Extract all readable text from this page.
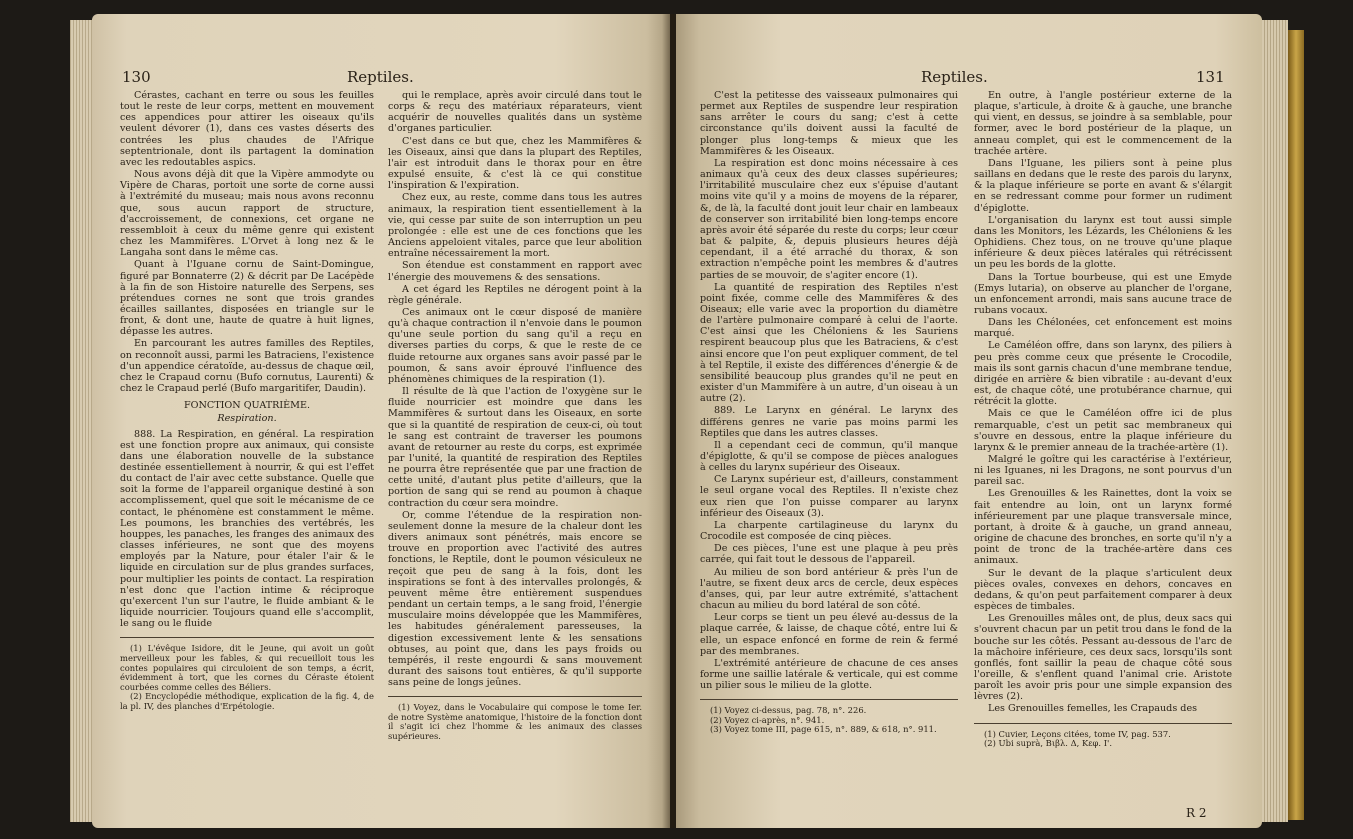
130	Reptiles.

Cérastes, cachant en terre ou sous les feuilles tout le reste de leur corps, mettent en mouvement ces appendices pour attirer les oiseaux qu'ils veulent dévorer (1), dans ces vastes déserts des contrées les plus chaudes de l'Afrique septentrionale, dont ils partagent la domination avec les redoutables aspics.

Nous avons déjà dit que la Vipère ammodyte ou Vipère de Charas, portoit une sorte de corne aussi à l'extrémité du museau; mais nous avons reconnu que, sous aucun rapport de structure, d'accroissement, de connexions, cet organe ne ressembloit à ceux du même genre qui existent chez les Mammifères. L'Orvet à long nez & le Langaha sont dans le même cas.

Quant à l'Iguane cornu de Saint-Domingue, figuré par Bonnaterre (2) & décrit par De Lacépède à la fin de son Histoire naturelle des Serpens, ses prétendues cornes ne sont que trois grandes écailles saillantes, disposées en triangle sur le front, & dont une, haute de quatre à huit lignes, dépasse les autres.

En parcourant les autres familles des Reptiles, on reconnoît aussi, parmi les Batraciens, l'existence d'un appendice cératoïde, au-dessus de chaque œil, chez le Crapaud cornu (Bufo cornutus, Laurenti) & chez le Crapaud perlé (Bufo margaritifer, Daudin).

FONCTION QUATRIÈME.

Respiration.

888. La Respiration, en général. La respiration est une fonction propre aux animaux, qui consiste dans une élaboration nouvelle de la substance destinée essentiellement à nourrir, & qui est l'effet du contact de l'air avec cette substance. Quelle que soit la forme de l'appareil organique destiné à son accomplissement, quel que soit le mécanisme de ce contact, le phénomène est constamment le même. Les poumons, les branchies des vertébrés, les houppes, les panaches, les franges des animaux des classes inférieures, ne sont que des moyens employés par la Nature, pour étaler l'air & le liquide en circulation sur de plus grandes surfaces, pour multiplier les points de contact. La respiration n'est donc que l'action intime & réciproque qu'exercent l'un sur l'autre, le fluide ambiant & le liquide nourricier. Toujours quand elle s'accomplit, le sang ou le fluide

(1) L'évêque Isidore, dit le Jeune, qui avoit un goût merveilleux pour les fables, & qui recueilloit tous les contes populaires qui circuloient de son temps, a écrit, évidemment à tort, que les cornes du Céraste étoient courbées comme celles des Béliers.

(2) Encyclopédie méthodique, explication de la fig. 4, de la pl. IV, des planches d'Erpétologie.

qui le remplace, après avoir circulé dans tout le corps & reçu des matériaux réparateurs, vient acquérir de nouvelles qualités dans un système d'organes particulier.

C'est dans ce but que, chez les Mammifères & les Oiseaux, ainsi que dans la plupart des Reptiles, l'air est introduit dans le thorax pour en être expulsé ensuite, & c'est là ce qui constitue l'inspiration & l'expiration.

Chez eux, au reste, comme dans tous les autres animaux, la respiration tient essentiellement à la vie, qui cesse par suite de son interruption un peu prolongée : elle est une de ces fonctions que les Anciens appeloient vitales, parce que leur abolition entraîne nécessairement la mort.

Son étendue est constamment en rapport avec l'énergie des mouvemens & des sensations.

A cet égard les Reptiles ne dérogent point à la règle générale.

Ces animaux ont le cœur disposé de manière qu'à chaque contraction il n'envoie dans le poumon qu'une seule portion du sang qu'il a reçu en diverses parties du corps, & que le reste de ce fluide retourne aux organes sans avoir passé par le poumon, & sans avoir éprouvé l'influence des phénomènes chimiques de la respiration (1).

Il résulte de là que l'action de l'oxygène sur le fluide nourricier est moindre que dans les Mammifères & surtout dans les Oiseaux, en sorte que si la quantité de respiration de ceux-ci, où tout le sang est contraint de traverser les poumons avant de retourner au reste du corps, est exprimée par l'unité, la quantité de respiration des Reptiles ne pourra être représentée que par une fraction de cette unité, d'autant plus petite d'ailleurs, que la portion de sang qui se rend au poumon à chaque contraction du cœur sera moindre.

Or, comme l'étendue de la respiration non-seulement donne la mesure de la chaleur dont les divers animaux sont pénétrés, mais encore se trouve en proportion avec l'activité des autres fonctions, le Reptile, dont le poumon vésiculeux ne reçoit que peu de sang à la fois, dont les inspirations se font à des intervalles prolongés, & peuvent même être entièrement suspendues pendant un certain temps, a le sang froid, l'énergie musculaire moins développée que les Mammifères, les habitudes généralement paresseuses, la digestion excessivement lente & les sensations obtuses, au point que, dans les pays froids ou tempérés, il reste engourdi & sans mouvement durant des saisons tout entières, & qu'il supporte sans peine de longs jeûnes.

(1) Voyez, dans le Vocabulaire qui compose le tome Ier. de notre Système anatomique, l'histoire de la fonction dont il s'agit ici chez l'homme & les animaux des classes supérieures.

Reptiles.	131

C'est la petitesse des vaisseaux pulmonaires qui permet aux Reptiles de suspendre leur respiration sans arrêter le cours du sang; c'est à cette circonstance qu'ils doivent aussi la faculté de plonger plus long-temps & mieux que les Mammifères & les Oiseaux.

La respiration est donc moins nécessaire à ces animaux qu'à ceux des deux classes supérieures; l'irritabilité musculaire chez eux s'épuise d'autant moins vite qu'il y a moins de moyens de la réparer, &, de là, la faculté dont jouit leur chair en lambeaux de conserver son irritabilité bien long-temps encore après avoir été séparée du reste du corps; leur cœur bat & palpite, &, depuis plusieurs heures déjà cependant, il a été arraché du thorax, & son extraction n'empêche point les membres & d'autres parties de se mouvoir, de s'agiter encore (1).

La quantité de respiration des Reptiles n'est point fixée, comme celle des Mammifères & des Oiseaux; elle varie avec la proportion du diamètre de l'artère pulmonaire comparé à celui de l'aorte. C'est ainsi que les Chéloniens & les Sauriens respirent beaucoup plus que les Batraciens, & c'est ainsi encore que l'on peut expliquer comment, de tel à tel Reptile, il existe des différences d'énergie & de sensibilité beaucoup plus grandes qu'il ne peut en exister d'un Mammifère à un autre, d'un oiseau à un autre (2).

889. Le Larynx en général. Le larynx des différens genres ne varie pas moins parmi les Reptiles que dans les autres classes.

Il a cependant ceci de commun, qu'il manque d'épiglotte, & qu'il se compose de pièces analogues à celles du larynx supérieur des Oiseaux.

Ce Larynx supérieur est, d'ailleurs, constamment le seul organe vocal des Reptiles. Il n'existe chez eux rien que l'on puisse comparer au larynx inférieur des Oiseaux (3).

La charpente cartilagineuse du larynx du Crocodile est composée de cinq pièces.

De ces pièces, l'une est une plaque à peu près carrée, qui fait tout le dessous de l'appareil.

Au milieu de son bord antérieur & près l'un de l'autre, se fixent deux arcs de cercle, deux espèces d'anses, qui, par leur autre extrémité, s'attachent chacun au milieu du bord latéral de son côté.

Leur corps se tient un peu élevé au-dessus de la plaque carrée, & laisse, de chaque côté, entre lui & elle, un espace enfoncé en forme de rein & fermé par des membranes.

L'extrémité antérieure de chacune de ces anses forme une saillie latérale & verticale, qui est comme un pilier sous le milieu de la glotte.

(1) Voyez ci-dessus, pag. 78, n°. 226.

(2) Voyez ci-après, n°. 941.

(3) Voyez tome III, page 615, n°. 889, & 618, n°. 911.

En outre, à l'angle postérieur externe de la plaque, s'articule, à droite & à gauche, une branche qui vient, en dessus, se joindre à sa semblable, pour former, avec le bord postérieur de la plaque, un anneau complet, qui est le commencement de la trachée artère.

Dans l'Iguane, les piliers sont à peine plus saillans en dedans que le reste des parois du larynx, & la plaque inférieure se porte en avant & s'élargit en se redressant comme pour former un rudiment d'épiglotte.

L'organisation du larynx est tout aussi simple dans les Monitors, les Lézards, les Chéloniens & les Ophidiens. Chez tous, on ne trouve qu'une plaque inférieure & deux pièces latérales qui rétrécissent un peu les bords de la glotte.

Dans la Tortue bourbeuse, qui est une Emyde (Emys lutaria), on observe au plancher de l'organe, un enfoncement arrondi, mais sans aucune trace de rubans vocaux.

Dans les Chélonées, cet enfoncement est moins marqué.

Le Caméléon offre, dans son larynx, des piliers à peu près comme ceux que présente le Crocodile, mais ils sont garnis chacun d'une membrane tendue, dirigée en arrière & bien vibratile : au-devant d'eux est, de chaque côté, une protubérance charnue, qui rétrécit la glotte.

Mais ce que le Caméléon offre ici de plus remarquable, c'est un petit sac membraneux qui s'ouvre en dessous, entre la plaque inférieure du larynx & le premier anneau de la trachée-artère (1).

Malgré le goître qui les caractérise à l'extérieur, ni les Iguanes, ni les Dragons, ne sont pourvus d'un pareil sac.

Les Grenouilles & les Rainettes, dont la voix se fait entendre au loin, ont un larynx formé inférieurement par une plaque transversale mince, portant, à droite & à gauche, un grand anneau, origine de chacune des bronches, en sorte qu'il n'y a point de tronc de la trachée-artère dans ces animaux.

Sur le devant de la plaque s'articulent deux pièces ovales, convexes en dehors, concaves en dedans, & qu'on peut parfaitement comparer à deux espèces de timbales.

Les Grenouilles mâles ont, de plus, deux sacs qui s'ouvrent chacun par un petit trou dans le fond de la bouche sur les côtés. Pessant au-dessous de l'arc de la mâchoire inférieure, ces deux sacs, lorsqu'ils sont gonflés, font saillir la peau de chaque côté sous l'oreille, & s'enflent quand l'animal crie. Aristote paroît les avoir pris pour une simple expansion des lèvres (2).

Les Grenouilles femelles, les Crapauds des

(1) Cuvier, Leçons citées, tome IV, pag. 537.

(2) Ubi suprà, Βιβλ. Δ, Κεφ. Ι'.

R 2
